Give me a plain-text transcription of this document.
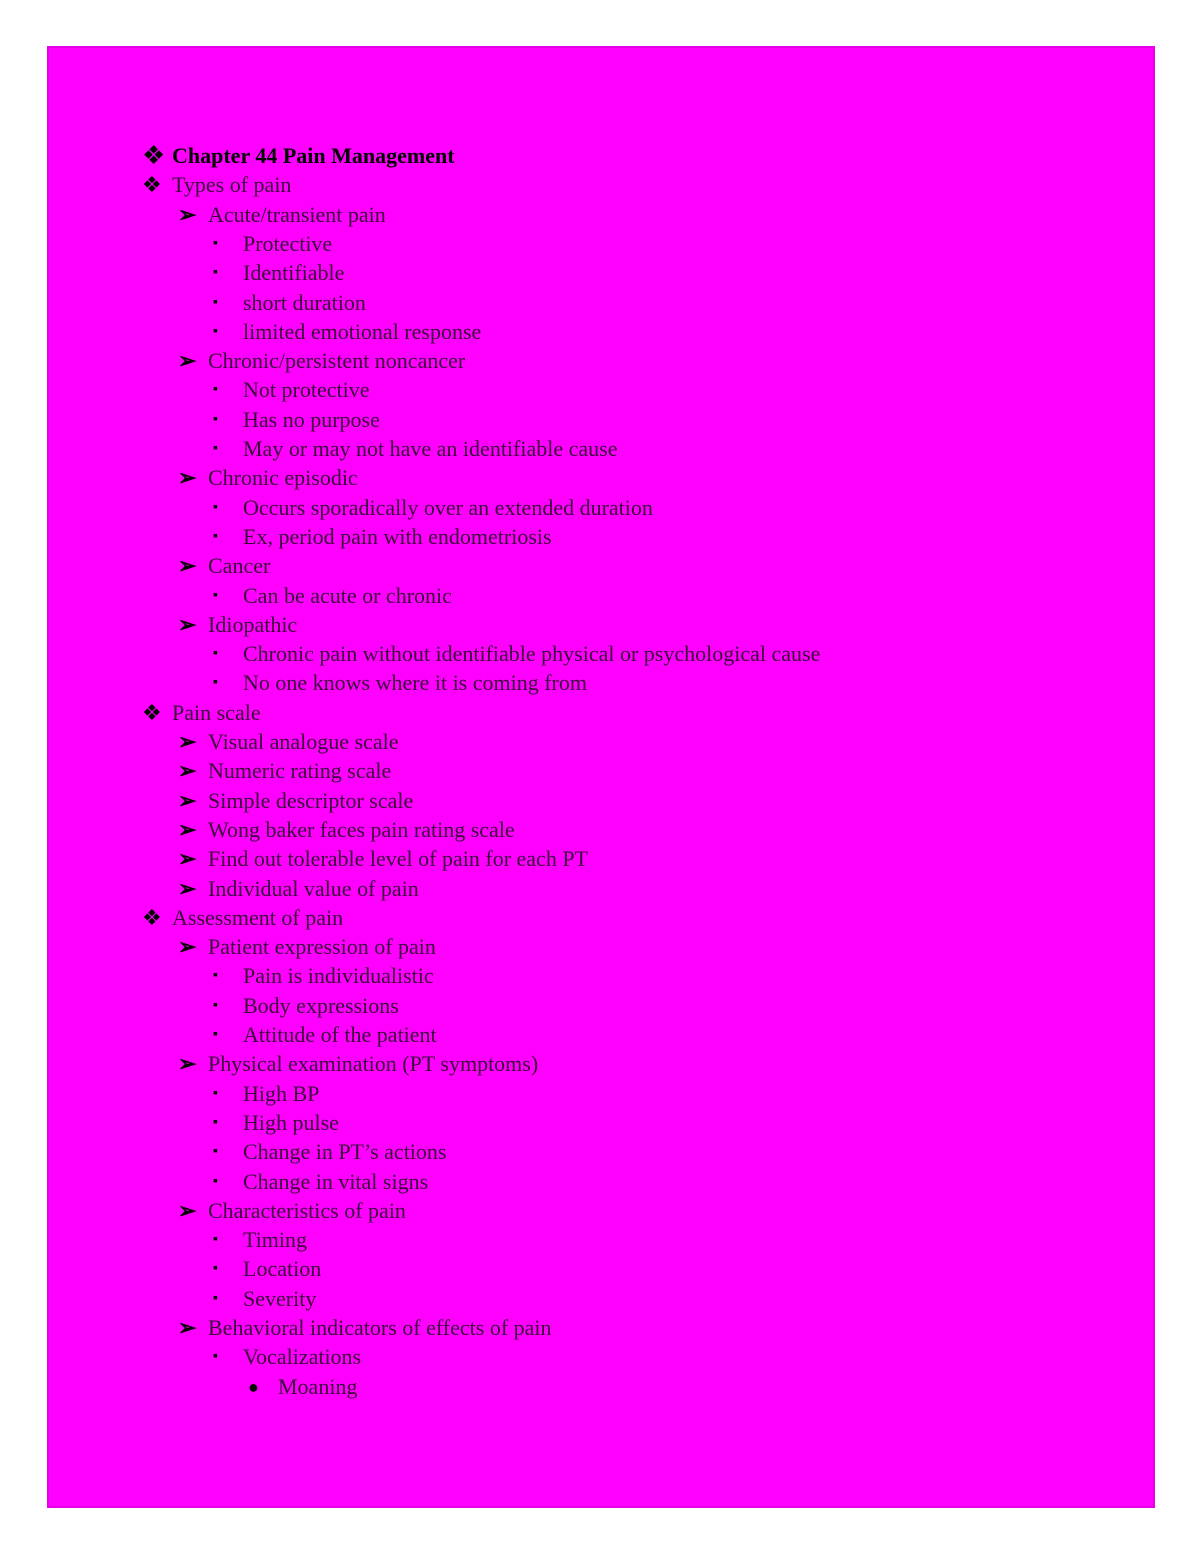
❖ Chapter 44 Pain Management
❖ Types of pain
➢ Acute/transient pain
▪	Protective
▪	Identifiable
▪	short duration
▪	limited emotional response
➢ Chronic/persistent noncancer
▪	Not protective
▪	Has no purpose
▪	May or may not have an identifiable cause
➢ Chronic episodic
▪	Occurs sporadically over an extended duration
▪	Ex, period pain with endometriosis
➢ Cancer
▪	Can be acute or chronic
➢ Idiopathic
▪	Chronic pain without identifiable physical or psychological cause
▪	No one knows where it is coming from
❖ Pain scale
➢ Visual analogue scale
➢ Numeric rating scale
➢ Simple descriptor scale
➢ Wong baker faces pain rating scale
➢ Find out tolerable level of pain for each PT
➢ Individual value of pain
❖ Assessment of pain
➢ Patient expression of pain
▪	Pain is individualistic
▪	Body expressions
▪	Attitude of the patient
➢ Physical examination (PT symptoms)
▪	High BP
▪	High pulse
▪	Change in PT’s actions
▪	Change in vital signs
➢ Characteristics of pain
▪	Timing
▪	Location
▪	Severity
➢ Behavioral indicators of effects of pain
▪	Vocalizations
● Moaning
